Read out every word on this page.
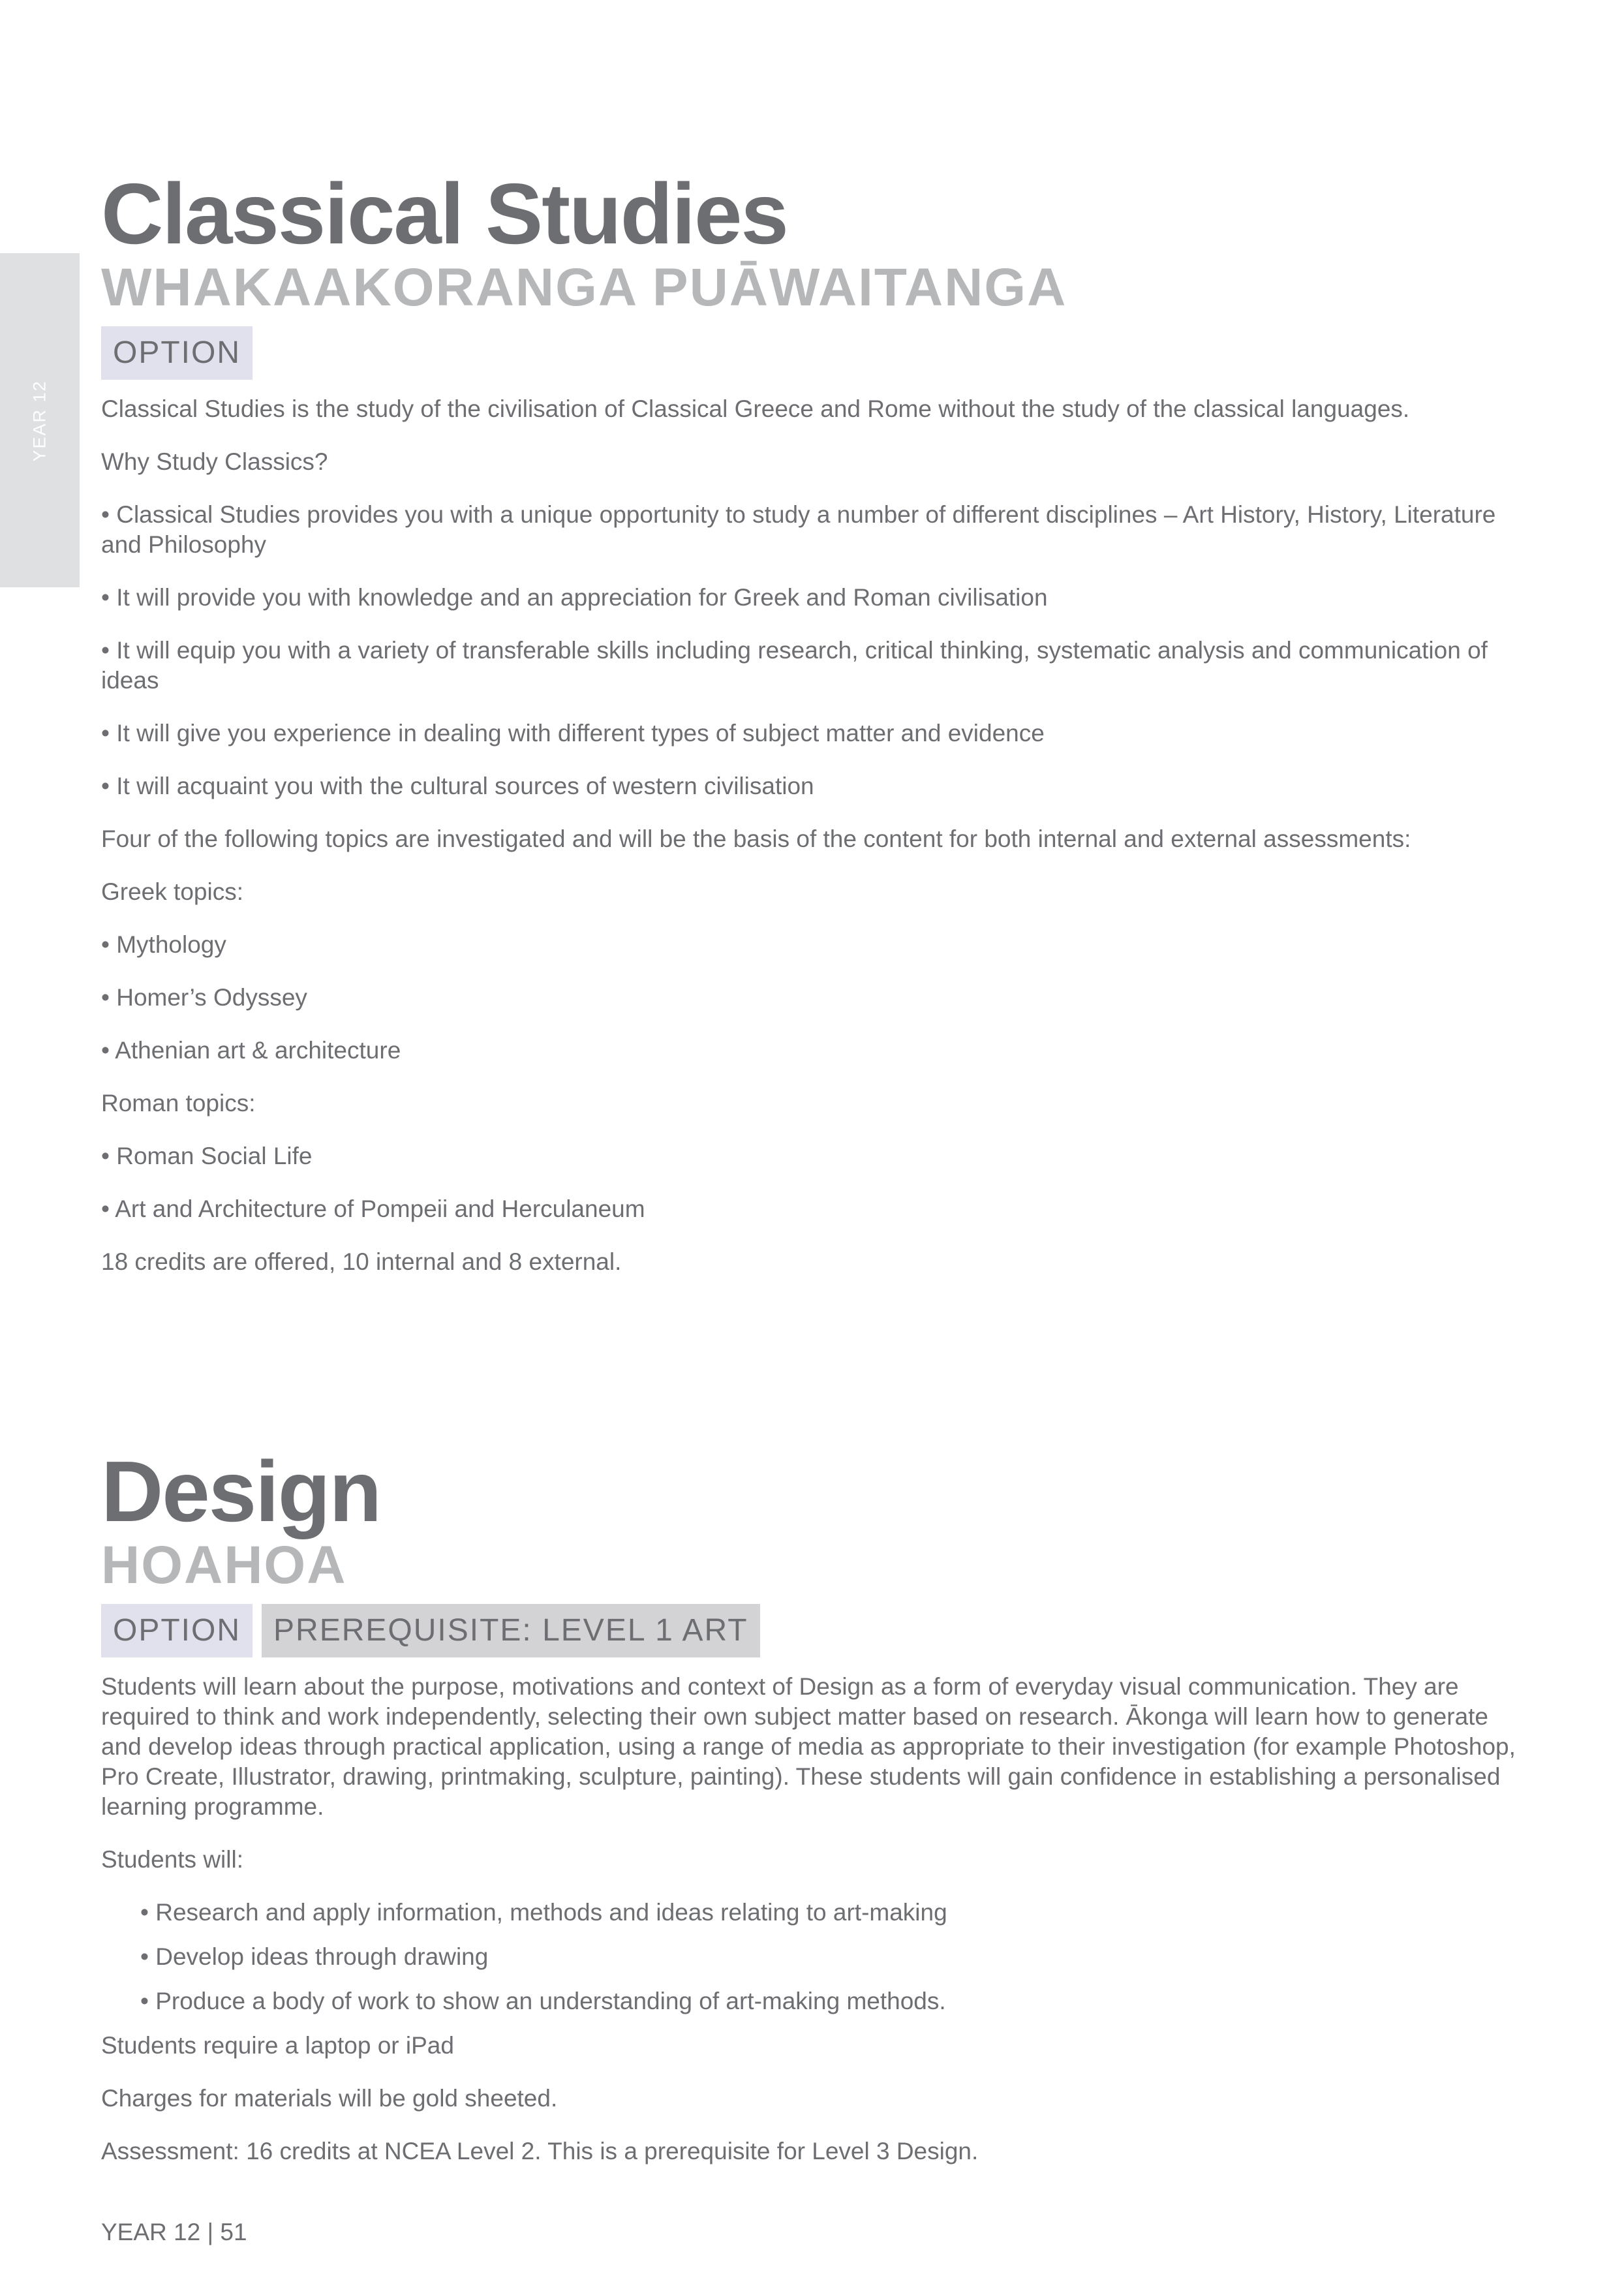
YEAR 12
Classical Studies
WHAKAAKORANGA PUĀWAITANGA
OPTION

Classical Studies is the study of the civilisation of Classical Greece and Rome without the study of the classical languages.

Why Study Classics?

• Classical Studies provides you with a unique opportunity to study a number of different disciplines – Art History, History, Literature and Philosophy

• It will provide you with knowledge and an appreciation for Greek and Roman civilisation

• It will equip you with a variety of transferable skills including research, critical thinking, systematic analysis and communication of ideas

• It will give you experience in dealing with different types of subject matter and evidence

• It will acquaint you with the cultural sources of western civilisation

Four of the following topics are investigated and will be the basis of the content for both internal and external assessments:

Greek topics:

• Mythology

• Homer’s Odyssey

• Athenian art & architecture

Roman topics:

• Roman Social Life

• Art and Architecture of Pompeii and Herculaneum

18 credits are offered, 10 internal and 8 external.

Design
HOAHOA
OPTION	PREREQUISITE: LEVEL 1 ART

Students will learn about the purpose, motivations and context of Design as a form of everyday visual communication. They are required to think and work independently, selecting their own subject matter based on research. Ākonga will learn how to generate and develop ideas through practical application, using a range of media as appropriate to their investigation (for example Photoshop, Pro Create, Illustrator, drawing, printmaking, sculpture, painting). These students will gain confidence in establishing a personalised learning programme.

Students will:

• Research and apply information, methods and ideas relating to art-making
• Develop ideas through drawing
• Produce a body of work to show an understanding of art-making methods.

Students require a laptop or iPad

Charges for materials will be gold sheeted.

Assessment: 16 credits at NCEA Level 2. This is a prerequisite for Level 3 Design.

YEAR 12 | 51
